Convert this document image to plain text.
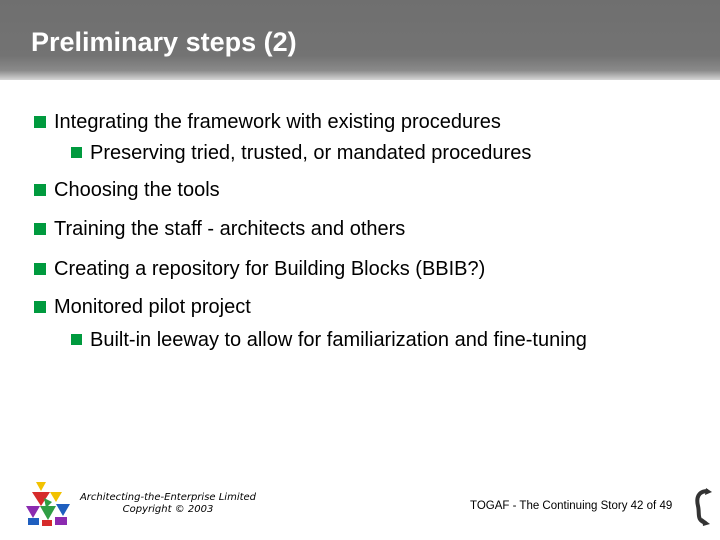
Preliminary steps (2)
Integrating the framework with existing procedures
Preserving tried, trusted, or mandated procedures
Choosing the tools
Training the staff - architects and others
Creating a repository for Building Blocks (BBIB?)
Monitored pilot project
Built-in leeway to allow for familiarization and fine-tuning
Architecting-the-Enterprise Limited
Copyright © 2003	TOGAF - The Continuing Story 42 of 49
